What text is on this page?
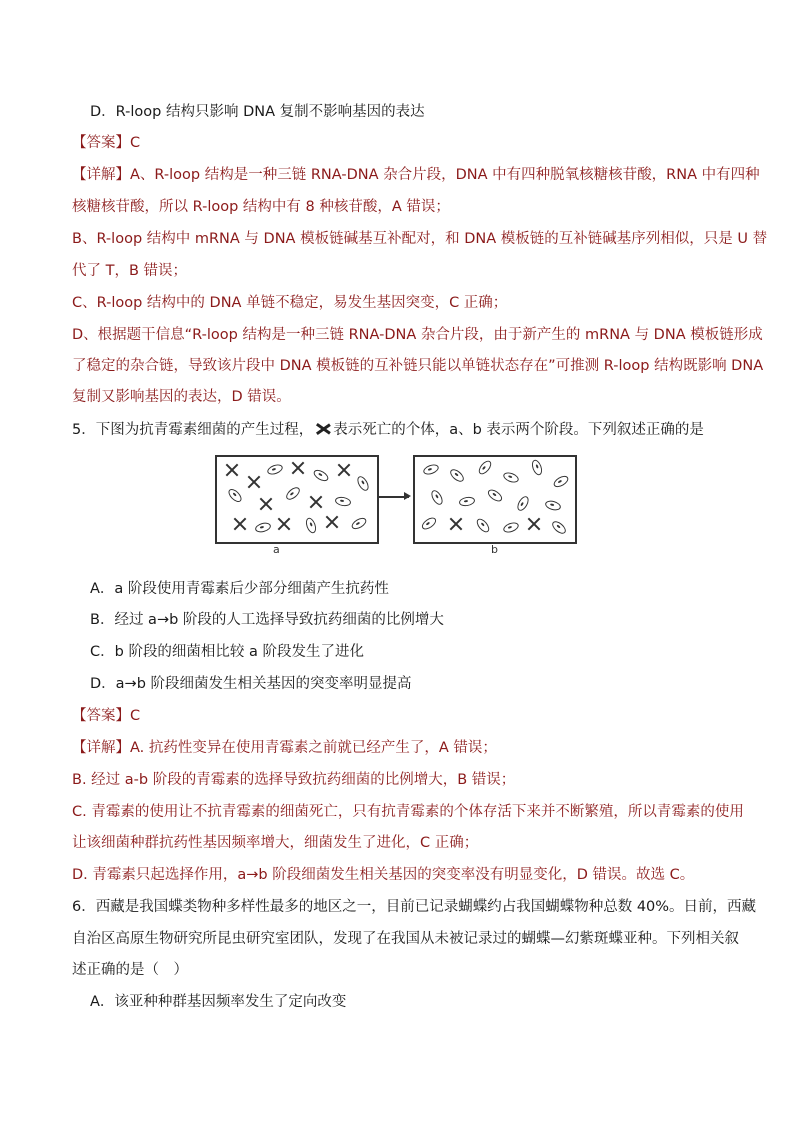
D．R-loop 结构只影响 DNA 复制不影响基因的表达
【答案】C
【详解】A、R-loop 结构是一种三链 RNA-DNA 杂合片段，DNA 中有四种脱氧核糖核苷酸，RNA 中有四种
核糖核苷酸，所以 R-loop 结构中有 8 种核苷酸，A 错误；
B、R-loop 结构中 mRNA 与 DNA 模板链碱基互补配对，和 DNA 模板链的互补链碱基序列相似，只是 U 替
代了 T，B 错误；
C、R-loop 结构中的 DNA 单链不稳定，易发生基因突变，C 正确；
D、根据题干信息“R-loop 结构是一种三链 RNA-DNA 杂合片段，由于新产生的 mRNA 与 DNA 模板链形成
了稳定的杂合链，导致该片段中 DNA 模板链的互补链只能以单链状态存在”可推测 R-loop 结构既影响 DNA
复制又影响基因的表达，D 错误。
5．下图为抗青霉素细菌的产生过程， 表示死亡的个体，a、b 表示两个阶段。下列叙述正确的是
a	b
A．a 阶段使用青霉素后少部分细菌产生抗药性
B．经过 a→b 阶段的人工选择导致抗药细菌的比例增大
C．b 阶段的细菌相比较 a 阶段发生了进化
D．a→b 阶段细菌发生相关基因的突变率明显提高
【答案】C
【详解】A. 抗药性变异在使用青霉素之前就已经产生了，A 错误；
B. 经过 a-b 阶段的青霉素的选择导致抗药细菌的比例增大，B 错误；
C. 青霉素的使用让不抗青霉素的细菌死亡，只有抗青霉素的个体存活下来并不断繁殖，所以青霉素的使用
让该细菌种群抗药性基因频率增大，细菌发生了进化，C 正确；
D. 青霉素只起选择作用，a→b 阶段细菌发生相关基因的突变率没有明显变化，D 错误。故选 C。
6．西藏是我国蝶类物种多样性最多的地区之一，目前已记录蝴蝶约占我国蝴蝶物种总数 40%。日前，西藏
自治区高原生物研究所昆虫研究室团队，发现了在我国从未被记录过的蝴蝶—幻紫斑蝶亚种。下列相关叙
述正确的是（　）
A．该亚种种群基因频率发生了定向改变
